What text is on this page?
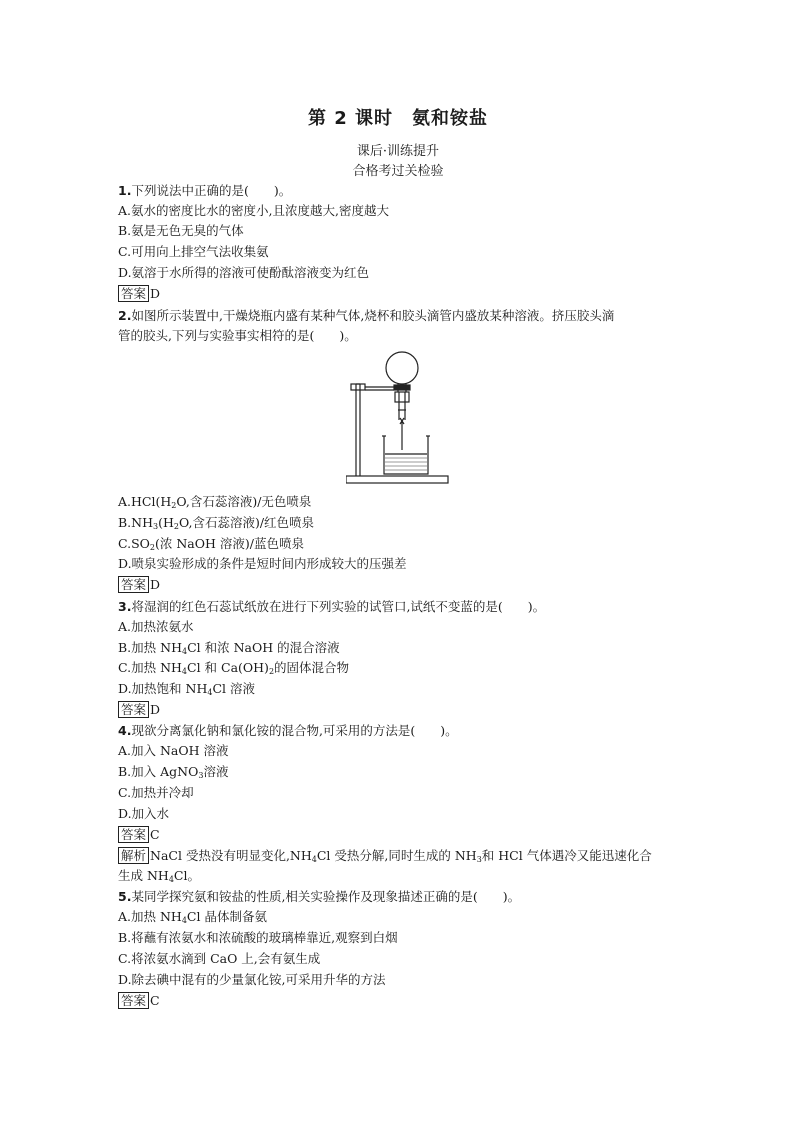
第 2 课时　氨和铵盐
课后·训练提升
合格考过关检验
1.下列说法中正确的是(　　)。
A.氨水的密度比水的密度小,且浓度越大,密度越大
B.氨是无色无臭的气体
C.可用向上排空气法收集氨
D.氨溶于水所得的溶液可使酚酞溶液变为红色
答案 D
2.如图所示装置中,干燥烧瓶内盛有某种气体,烧杯和胶头滴管内盛放某种溶液。挤压胶头滴
管的胶头,下列与实验事实相符的是(　　)。
$A.HCl(H_2O$,含石蕊溶液)/无色喷泉
$B.NH_3(H_2O$,含石蕊溶液)/红色喷泉
$C.SO_2$(浓 NaOH 溶液)/蓝色喷泉
D.喷泉实验形成的条件是短时间内形成较大的压强差
答案 D
3.将湿润的红色石蕊试纸放在进行下列实验的试管口,试纸不变蓝的是(　　)。
A.加热浓氨水
B.加热 $NH_4Cl$ 和浓 NaOH 的混合溶液
C.加热 $NH_4Cl$ 和 $Ca(OH)_2$的固体混合物
D.加热饱和 $NH_4Cl$ 溶液
答案 D
4.现欲分离氯化钠和氯化铵的混合物,可采用的方法是(　　)。
A.加入 NaOH 溶液
B.加入 AgNO$_3$溶液
C.加热并冷却
D.加入水
答案 C
解析 NaCl 受热没有明显变化$,NH_4Cl$ 受热分解,同时生成的 $NH_3$和 HCl 气体遇冷又能迅速化合
生成 $NH_4Cl$。
5.某同学探究氨和铵盐的性质,相关实验操作及现象描述正确的是(　　)。
A.加热 $NH_4Cl$ 晶体制备氨
B.将蘸有浓氨水和浓硫酸的玻璃棒靠近,观察到白烟
C.将浓氨水滴到 CaO 上,会有氨生成
D.除去碘中混有的少量氯化铵,可采用升华的方法
答案 C
